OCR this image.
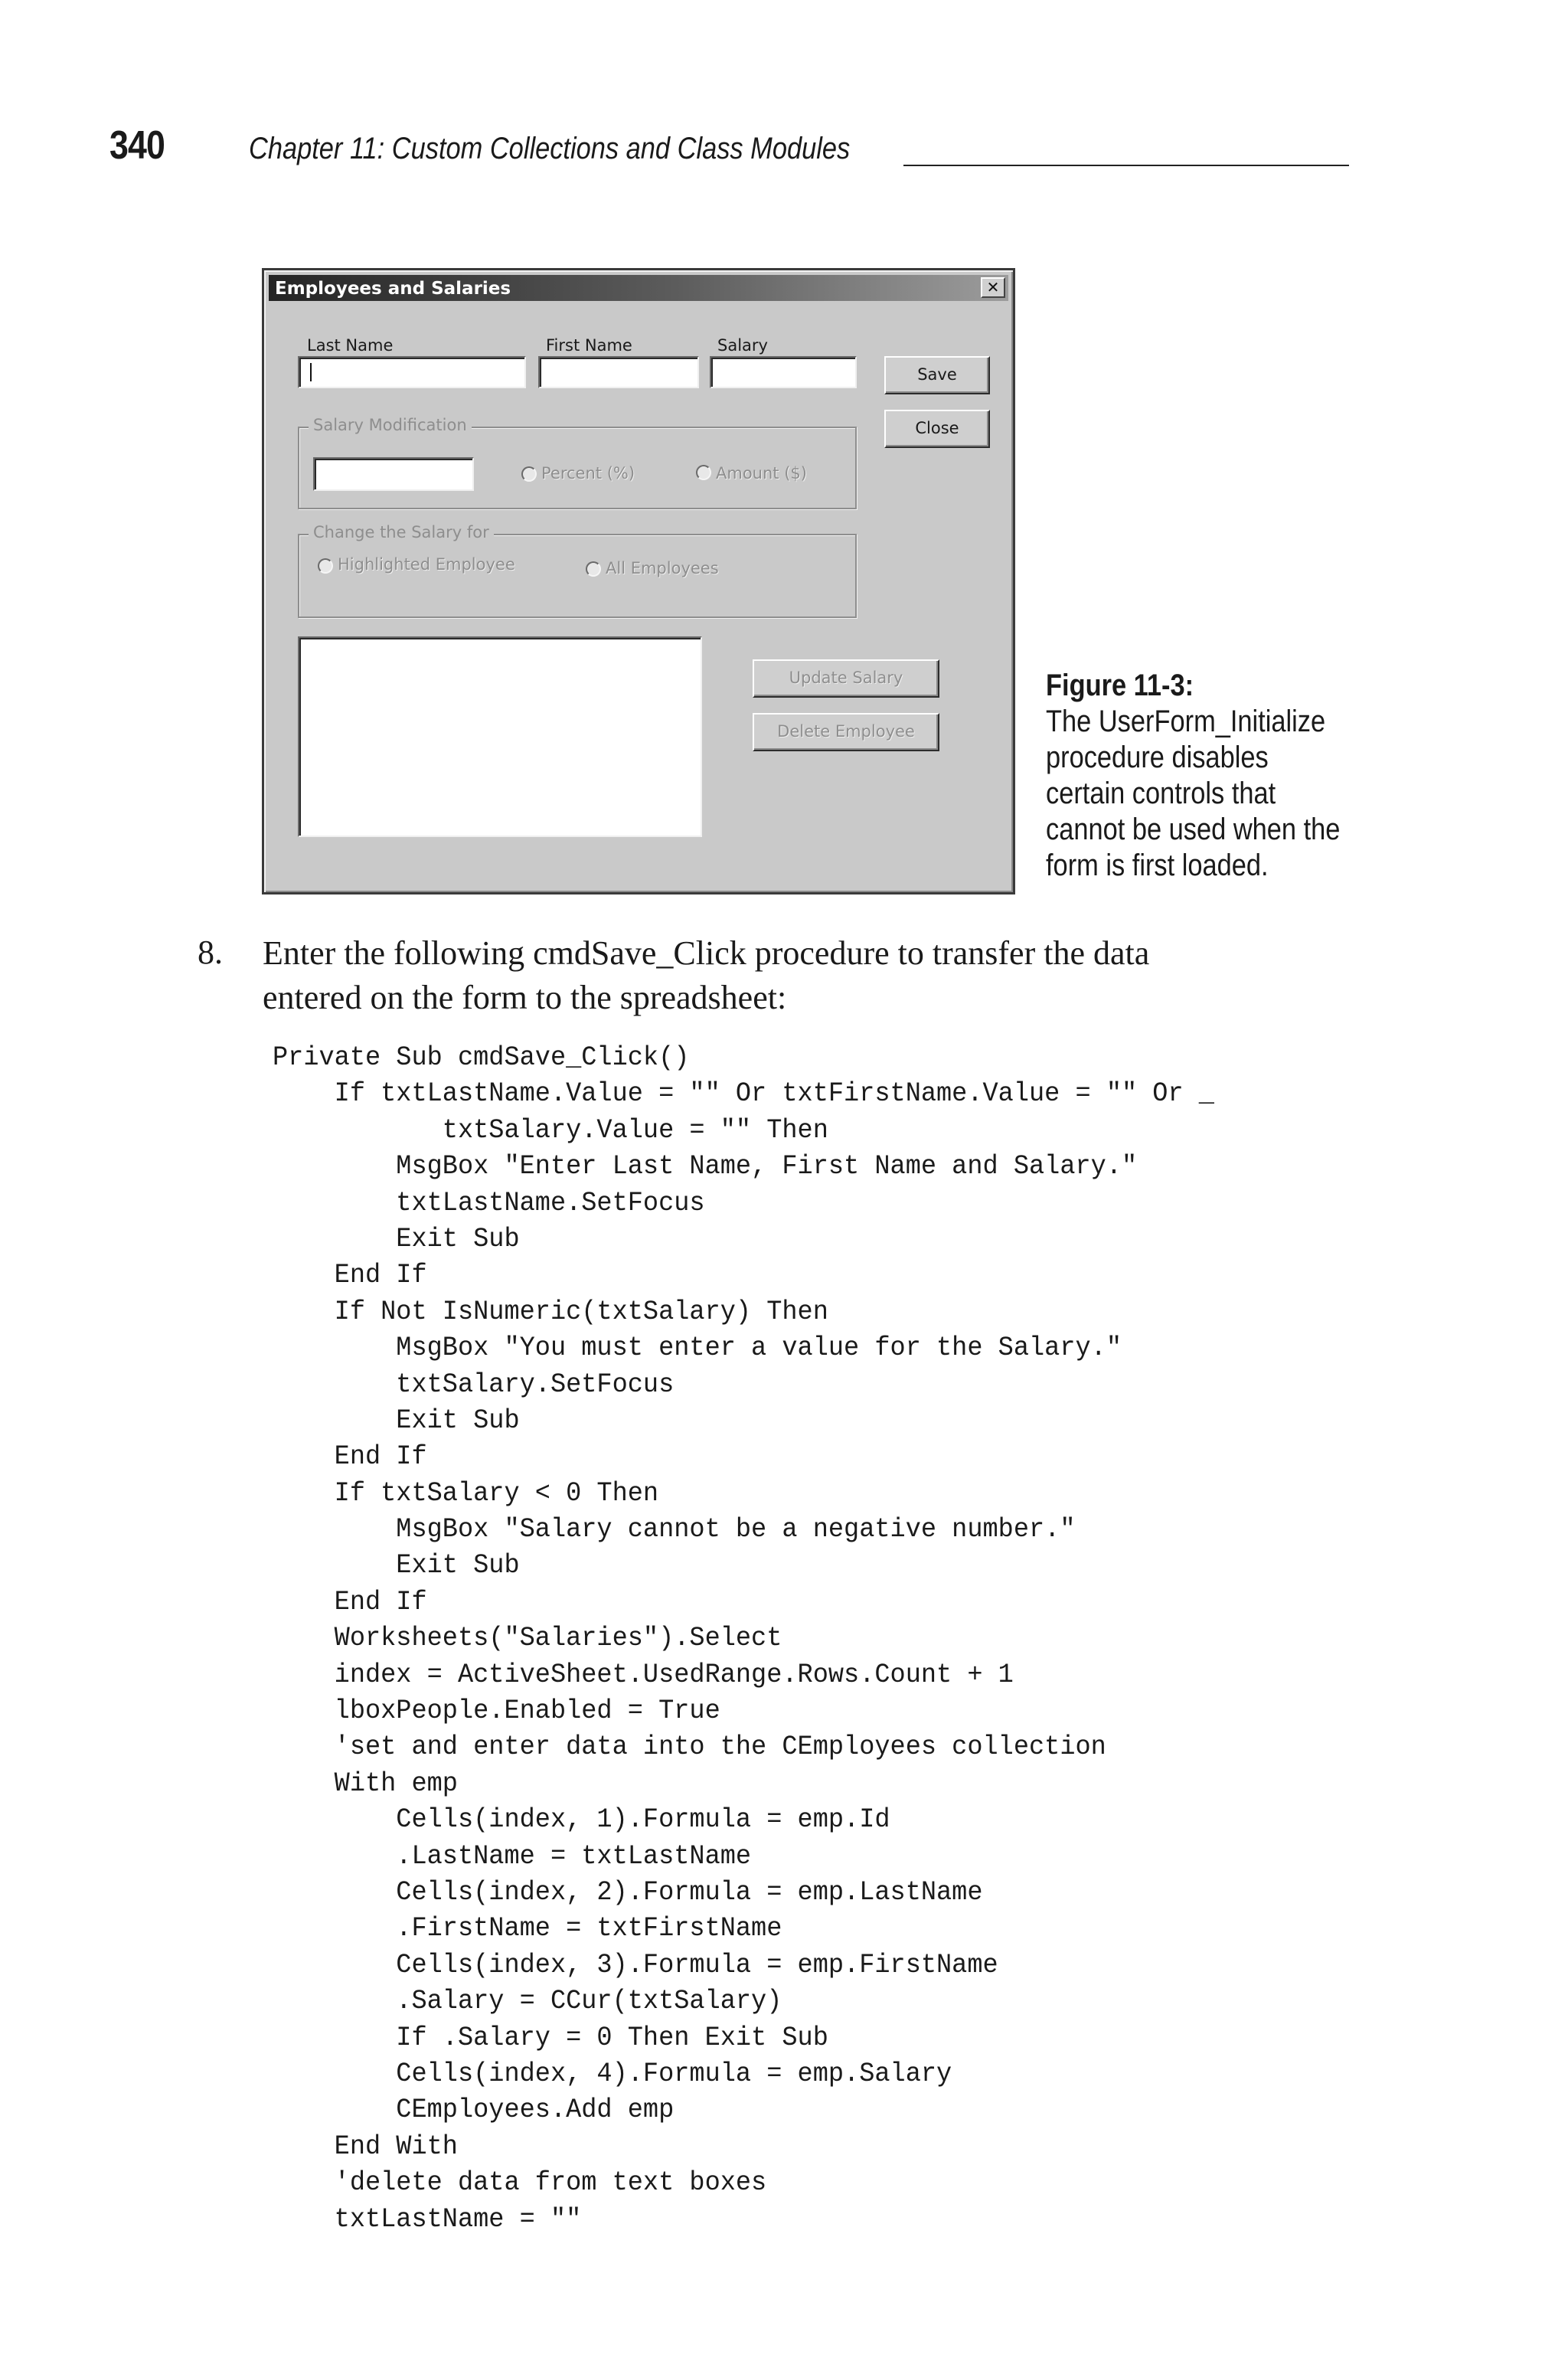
340	Chapter 11: Custom Collections and Class Modules
Employees and Salaries	✕
Last Name	First Name	Salary
Save
Close
Salary Modification
Percent (%)	Amount ($)
Change the Salary for
Highlighted Employee	All Employees
Update Salary
Delete Employee
Figure 11-3:
The UserForm_Initialize
procedure disables
certain controls that
cannot be used when the
form is first loaded.
8. Enter the following cmdSave_Click procedure to transfer the data
entered on the form to the spreadsheet:
Private Sub cmdSave_Click()
If txtLastName.Value = "" Or txtFirstName.Value = "" Or _
txtSalary.Value = "" Then
MsgBox "Enter Last Name, First Name and Salary."
txtLastName.SetFocus
Exit Sub
End If
If Not IsNumeric(txtSalary) Then
MsgBox "You must enter a value for the Salary."
txtSalary.SetFocus
Exit Sub
End If
If txtSalary < 0 Then
MsgBox "Salary cannot be a negative number."
Exit Sub
End If
Worksheets("Salaries").Select
index = ActiveSheet.UsedRange.Rows.Count + 1
lboxPeople.Enabled = True
'set and enter data into the CEmployees collection
With emp
Cells(index, 1).Formula = emp.Id
.LastName = txtLastName
Cells(index, 2).Formula = emp.LastName
.FirstName = txtFirstName
Cells(index, 3).Formula = emp.FirstName
.Salary = CCur(txtSalary)
If .Salary = 0 Then Exit Sub
Cells(index, 4).Formula = emp.Salary
CEmployees.Add emp
End With
'delete data from text boxes
txtLastName = ""
